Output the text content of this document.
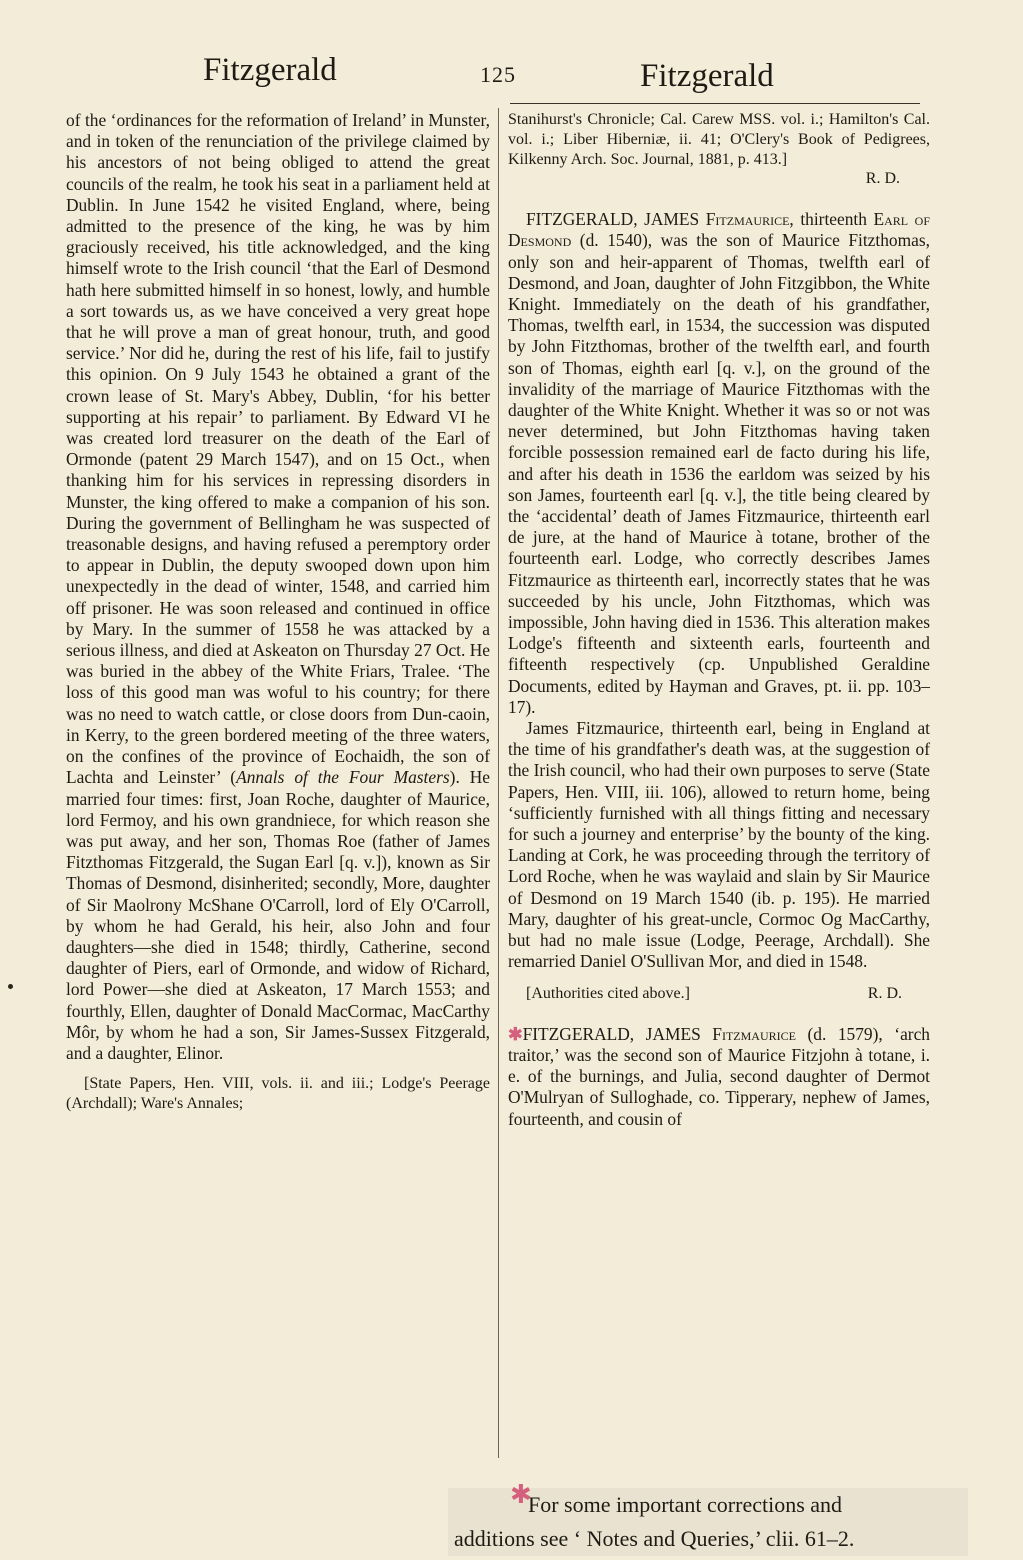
Fitzgerald	125	Fitzgerald

of the ‘ordinances for the reformation of Ireland’ in Munster, and in token of the renunciation of the privilege claimed by his ancestors of not being obliged to attend the great councils of the realm, he took his seat in a parliament held at Dublin. In June 1542 he visited England, where, being admitted to the presence of the king, he was by him graciously received, his title acknowledged, and the king himself wrote to the Irish council ‘that the Earl of Desmond hath here submitted himself in so honest, lowly, and humble a sort towards us, as we have conceived a very great hope that he will prove a man of great honour, truth, and good service.’ Nor did he, during the rest of his life, fail to justify this opinion. On 9 July 1543 he obtained a grant of the crown lease of St. Mary's Abbey, Dublin, ‘for his better supporting at his repair’ to parliament. By Edward VI he was created lord treasurer on the death of the Earl of Ormonde (patent 29 March 1547), and on 15 Oct., when thanking him for his services in repressing disorders in Munster, the king offered to make a companion of his son. During the government of Bellingham he was suspected of treasonable designs, and having refused a peremptory order to appear in Dublin, the deputy swooped down upon him unexpectedly in the dead of winter, 1548, and carried him off prisoner. He was soon released and continued in office by Mary. In the summer of 1558 he was attacked by a serious illness, and died at Askeaton on Thursday 27 Oct. He was buried in the abbey of the White Friars, Tralee. ‘The loss of this good man was woful to his country; for there was no need to watch cattle, or close doors from Dun-caoin, in Kerry, to the green bordered meeting of the three waters, on the confines of the province of Eochaidh, the son of Lachta and Leinster’ (Annals of the Four Masters). He married four times: first, Joan Roche, daughter of Maurice, lord Fermoy, and his own grandniece, for which reason she was put away, and her son, Thomas Roe (father of James Fitzthomas Fitzgerald, the Sugan Earl [q. v.]), known as Sir Thomas of Desmond, disinherited; secondly, More, daughter of Sir Maolrony McShane O'Carroll, lord of Ely O'Carroll, by whom he had Gerald, his heir, also John and four daughters—she died in 1548; thirdly, Catherine, second daughter of Piers, earl of Ormonde, and widow of Richard, lord Power—she died at Askeaton, 17 March 1553; and fourthly, Ellen, daughter of Donald MacCormac, MacCarthy Môr, by whom he had a son, Sir James-Sussex Fitzgerald, and a daughter, Elinor.

[State Papers, Hen. VIII, vols. ii. and iii.; Lodge's Peerage (Archdall); Ware's Annales;

Stanihurst's Chronicle; Cal. Carew MSS. vol. i.; Hamilton's Cal. vol. i.; Liber Hiberniæ, ii. 41; O'Clery's Book of Pedigrees, Kilkenny Arch. Soc. Journal, 1881, p. 413.]

R. D.

FITZGERALD, JAMES Fitzmaurice, thirteenth Earl of Desmond (d. 1540), was the son of Maurice Fitzthomas, only son and heir-apparent of Thomas, twelfth earl of Desmond, and Joan, daughter of John Fitzgibbon, the White Knight. Immediately on the death of his grandfather, Thomas, twelfth earl, in 1534, the succession was disputed by John Fitzthomas, brother of the twelfth earl, and fourth son of Thomas, eighth earl [q. v.], on the ground of the invalidity of the marriage of Maurice Fitzthomas with the daughter of the White Knight. Whether it was so or not was never determined, but John Fitzthomas having taken forcible possession remained earl de facto during his life, and after his death in 1536 the earldom was seized by his son James, fourteenth earl [q. v.], the title being cleared by the ‘accidental’ death of James Fitzmaurice, thirteenth earl de jure, at the hand of Maurice à totane, brother of the fourteenth earl. Lodge, who correctly describes James Fitzmaurice as thirteenth earl, incorrectly states that he was succeeded by his uncle, John Fitzthomas, which was impossible, John having died in 1536. This alteration makes Lodge's fifteenth and sixteenth earls, fourteenth and fifteenth respectively (cp. Unpublished Geraldine Documents, edited by Hayman and Graves, pt. ii. pp. 103–17).

James Fitzmaurice, thirteenth earl, being in England at the time of his grandfather's death was, at the suggestion of the Irish council, who had their own purposes to serve (State Papers, Hen. VIII, iii. 106), allowed to return home, being ‘sufficiently furnished with all things fitting and necessary for such a journey and enterprise’ by the bounty of the king. Landing at Cork, he was proceeding through the territory of Lord Roche, when he was waylaid and slain by Sir Maurice of Desmond on 19 March 1540 (ib. p. 195). He married Mary, daughter of his great-uncle, Cormoc Og MacCarthy, but had no male issue (Lodge, Peerage, Archdall). She remarried Daniel O'Sullivan Mor, and died in 1548.

[Authorities cited above.]	R. D.

✱FITZGERALD, JAMES Fitzmaurice (d. 1579), ‘arch traitor,’ was the second son of Maurice Fitzjohn à totane, i. e. of the burnings, and Julia, second daughter of Dermot O'Mulryan of Sulloghade, co. Tipperary, nephew of James, fourteenth, and cousin of

✱
For some important corrections and
additions see ‘ Notes and Queries,’ clii. 61–2.
